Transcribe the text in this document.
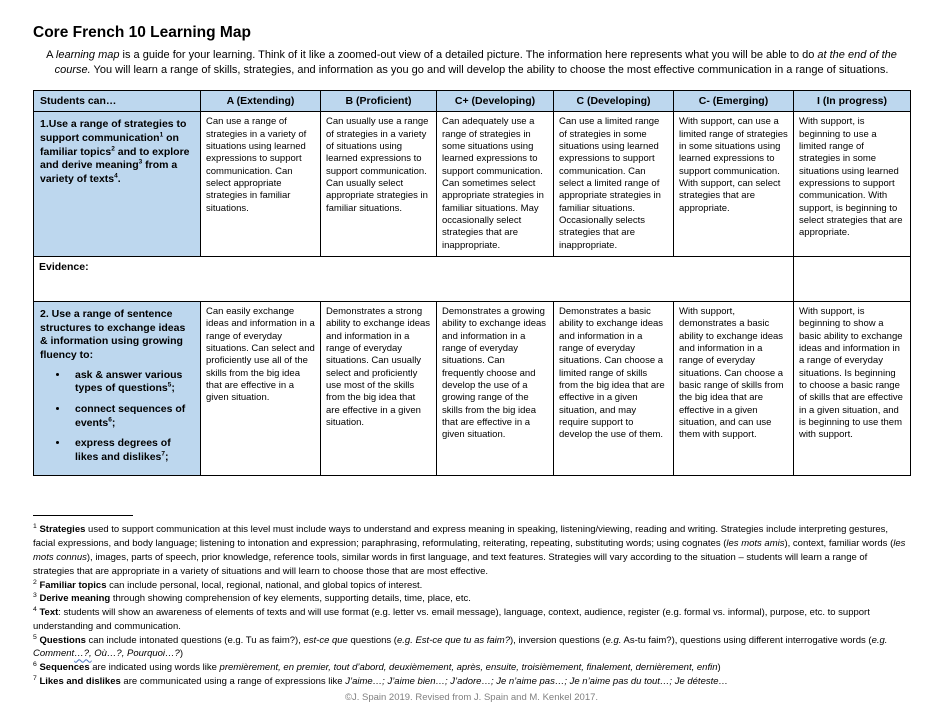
Core French 10 Learning Map

A learning map is a guide for your learning. Think of it like a zoomed-out view of a detailed picture. The information here represents what you will be able to do at the end of the course. You will learn a range of skills, strategies, and information as you go and will develop the ability to choose the most effective communication in a range of situations.

Students can…	A (Extending)	B (Proficient)	C+ (Developing)	C (Developing)	C- (Emerging)	I (In progress)
1.Use a range of strategies to support communication$^1$ on familiar topics$^2$ and to explore and derive meaning$^3$ from a variety of texts$^4$.	Can use a range of strategies in a variety of situations using learned expressions to support communication. Can select appropriate strategies in familiar situations.	Can usually use a range of strategies in a variety of situations using learned expressions to support communication. Can usually select appropriate strategies in familiar situations.	Can adequately use a range of strategies in some situations using learned expressions to support communication. Can sometimes select appropriate strategies in familiar situations. May occasionally select strategies that are inappropriate.	Can use a limited range of strategies in some situations using learned expressions to support communication. Can select a limited range of appropriate strategies in familiar situations. Occasionally selects strategies that are inappropriate.	With support, can use a limited range of strategies in some situations using learned expressions to support communication. With support, can select strategies that are appropriate.	With support, is beginning to use a limited range of strategies in some situations using learned expressions to support communication. With support, is beginning to select strategies that are appropriate.
Evidence:						

2. Use a range of sentence structures to exchange ideas & information using growing fluency to:
• ask & answer various types of questions$^5$;
• connect sequences of events$^6$;
• express degrees of likes and dislikes$^7$;
	Can easily exchange ideas and information in a range of everyday situations. Can select and proficiently use all of the skills from the big idea that are effective in a given situation.	Demonstrates a strong ability to exchange ideas and information in a range of everyday situations. Can usually select and proficiently use most of the skills from the big idea that are effective in a given situation.	Demonstrates a growing ability to exchange ideas and information in a range of everyday situations. Can frequently choose and develop the use of a growing range of the skills from the big idea that are effective in a given situation.	Demonstrates a basic ability to exchange ideas and information in a range of everyday situations. Can choose a limited range of skills from the big idea that are effective in a given situation, and may require support to develop the use of them.	With support, demonstrates a basic ability to exchange ideas and information in a range of everyday situations. Can choose a basic range of skills from the big idea that are effective in a given situation, and can use them with support.	With support, is beginning to show a basic ability to exchange ideas and information in a range of everyday situations. Is beginning to choose a basic range of skills that are effective in a given situation, and is beginning to use them with support.

$^1$ Strategies used to support communication at this level must include ways to understand and express meaning in speaking, listening/viewing, reading and writing. Strategies include interpreting gestures, facial expressions, and body language; listening to intonation and expression; paraphrasing, reformulating, reiterating, repeating, substituting words; using cognates (les mots amis), context, familiar words (les mots connus), images, parts of speech, prior knowledge, reference tools, similar words in first language, and text features. Strategies will vary according to the situation – students will learn a range of strategies that are appropriate in a variety of situations and will learn to choose those that are most effective.

$^2$ Familiar topics can include personal, local, regional, national, and global topics of interest.

$^3$ Derive meaning through showing comprehension of key elements, supporting details, time, place, etc.

$^4$ Text: students will show an awareness of elements of texts and will use format (e.g. letter vs. email message), language, context, audience, register (e.g. formal vs. informal), purpose, etc. to support understanding and communication.

$^5$ Questions can include intonated questions (e.g. Tu as faim?), est-ce que questions (e.g. Est-ce que tu as faim?), inversion questions (e.g. As-tu faim?), questions using different interrogative words (e.g. Comment…?, Où…?, Pourquoi…?)

$^6$ Sequences are indicated using words like premièrement, en premier, tout d’abord, deuxièmement, après, ensuite, troisièmement, finalement, dernièrement, enfin)

$^7$ Likes and dislikes are communicated using a range of expressions like J’aime…; J’aime bien…; J’adore…; Je n’aime pas…; Je n’aime pas du tout…; Je déteste…

©J. Spain 2019. Revised from J. Spain and M. Kenkel 2017.
